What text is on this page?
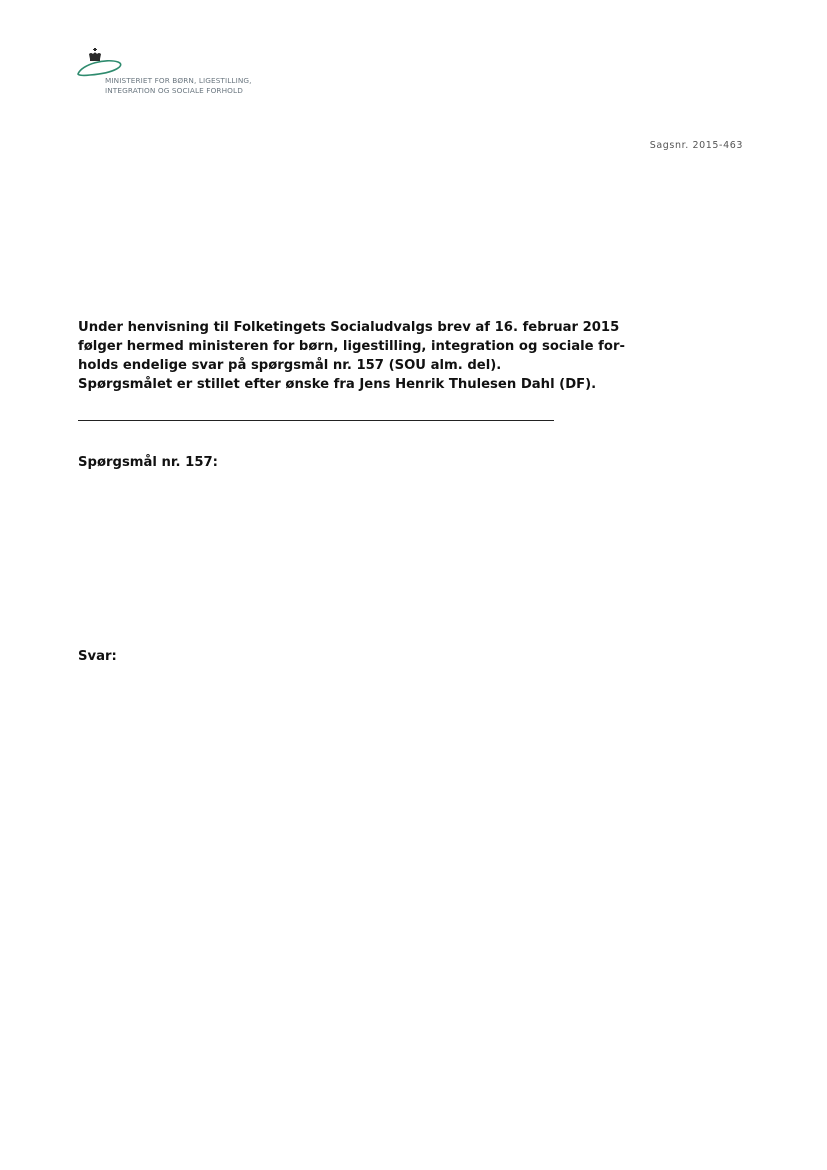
MINISTERIET FOR BØRN, LIGESTILLING,
INTEGRATION OG SOCIALE FORHOLD
Sagsnr. 2015-463
Under henvisning til Folketingets Socialudvalgs brev af 16. februar 2015
følger hermed ministeren for børn, ligestilling, integration og sociale for-
holds endelige svar på spørgsmål nr. 157 (SOU alm. del).
Spørgsmålet er stillet efter ønske fra Jens Henrik Thulesen Dahl (DF).
Spørgsmål nr. 157:
Svar:
